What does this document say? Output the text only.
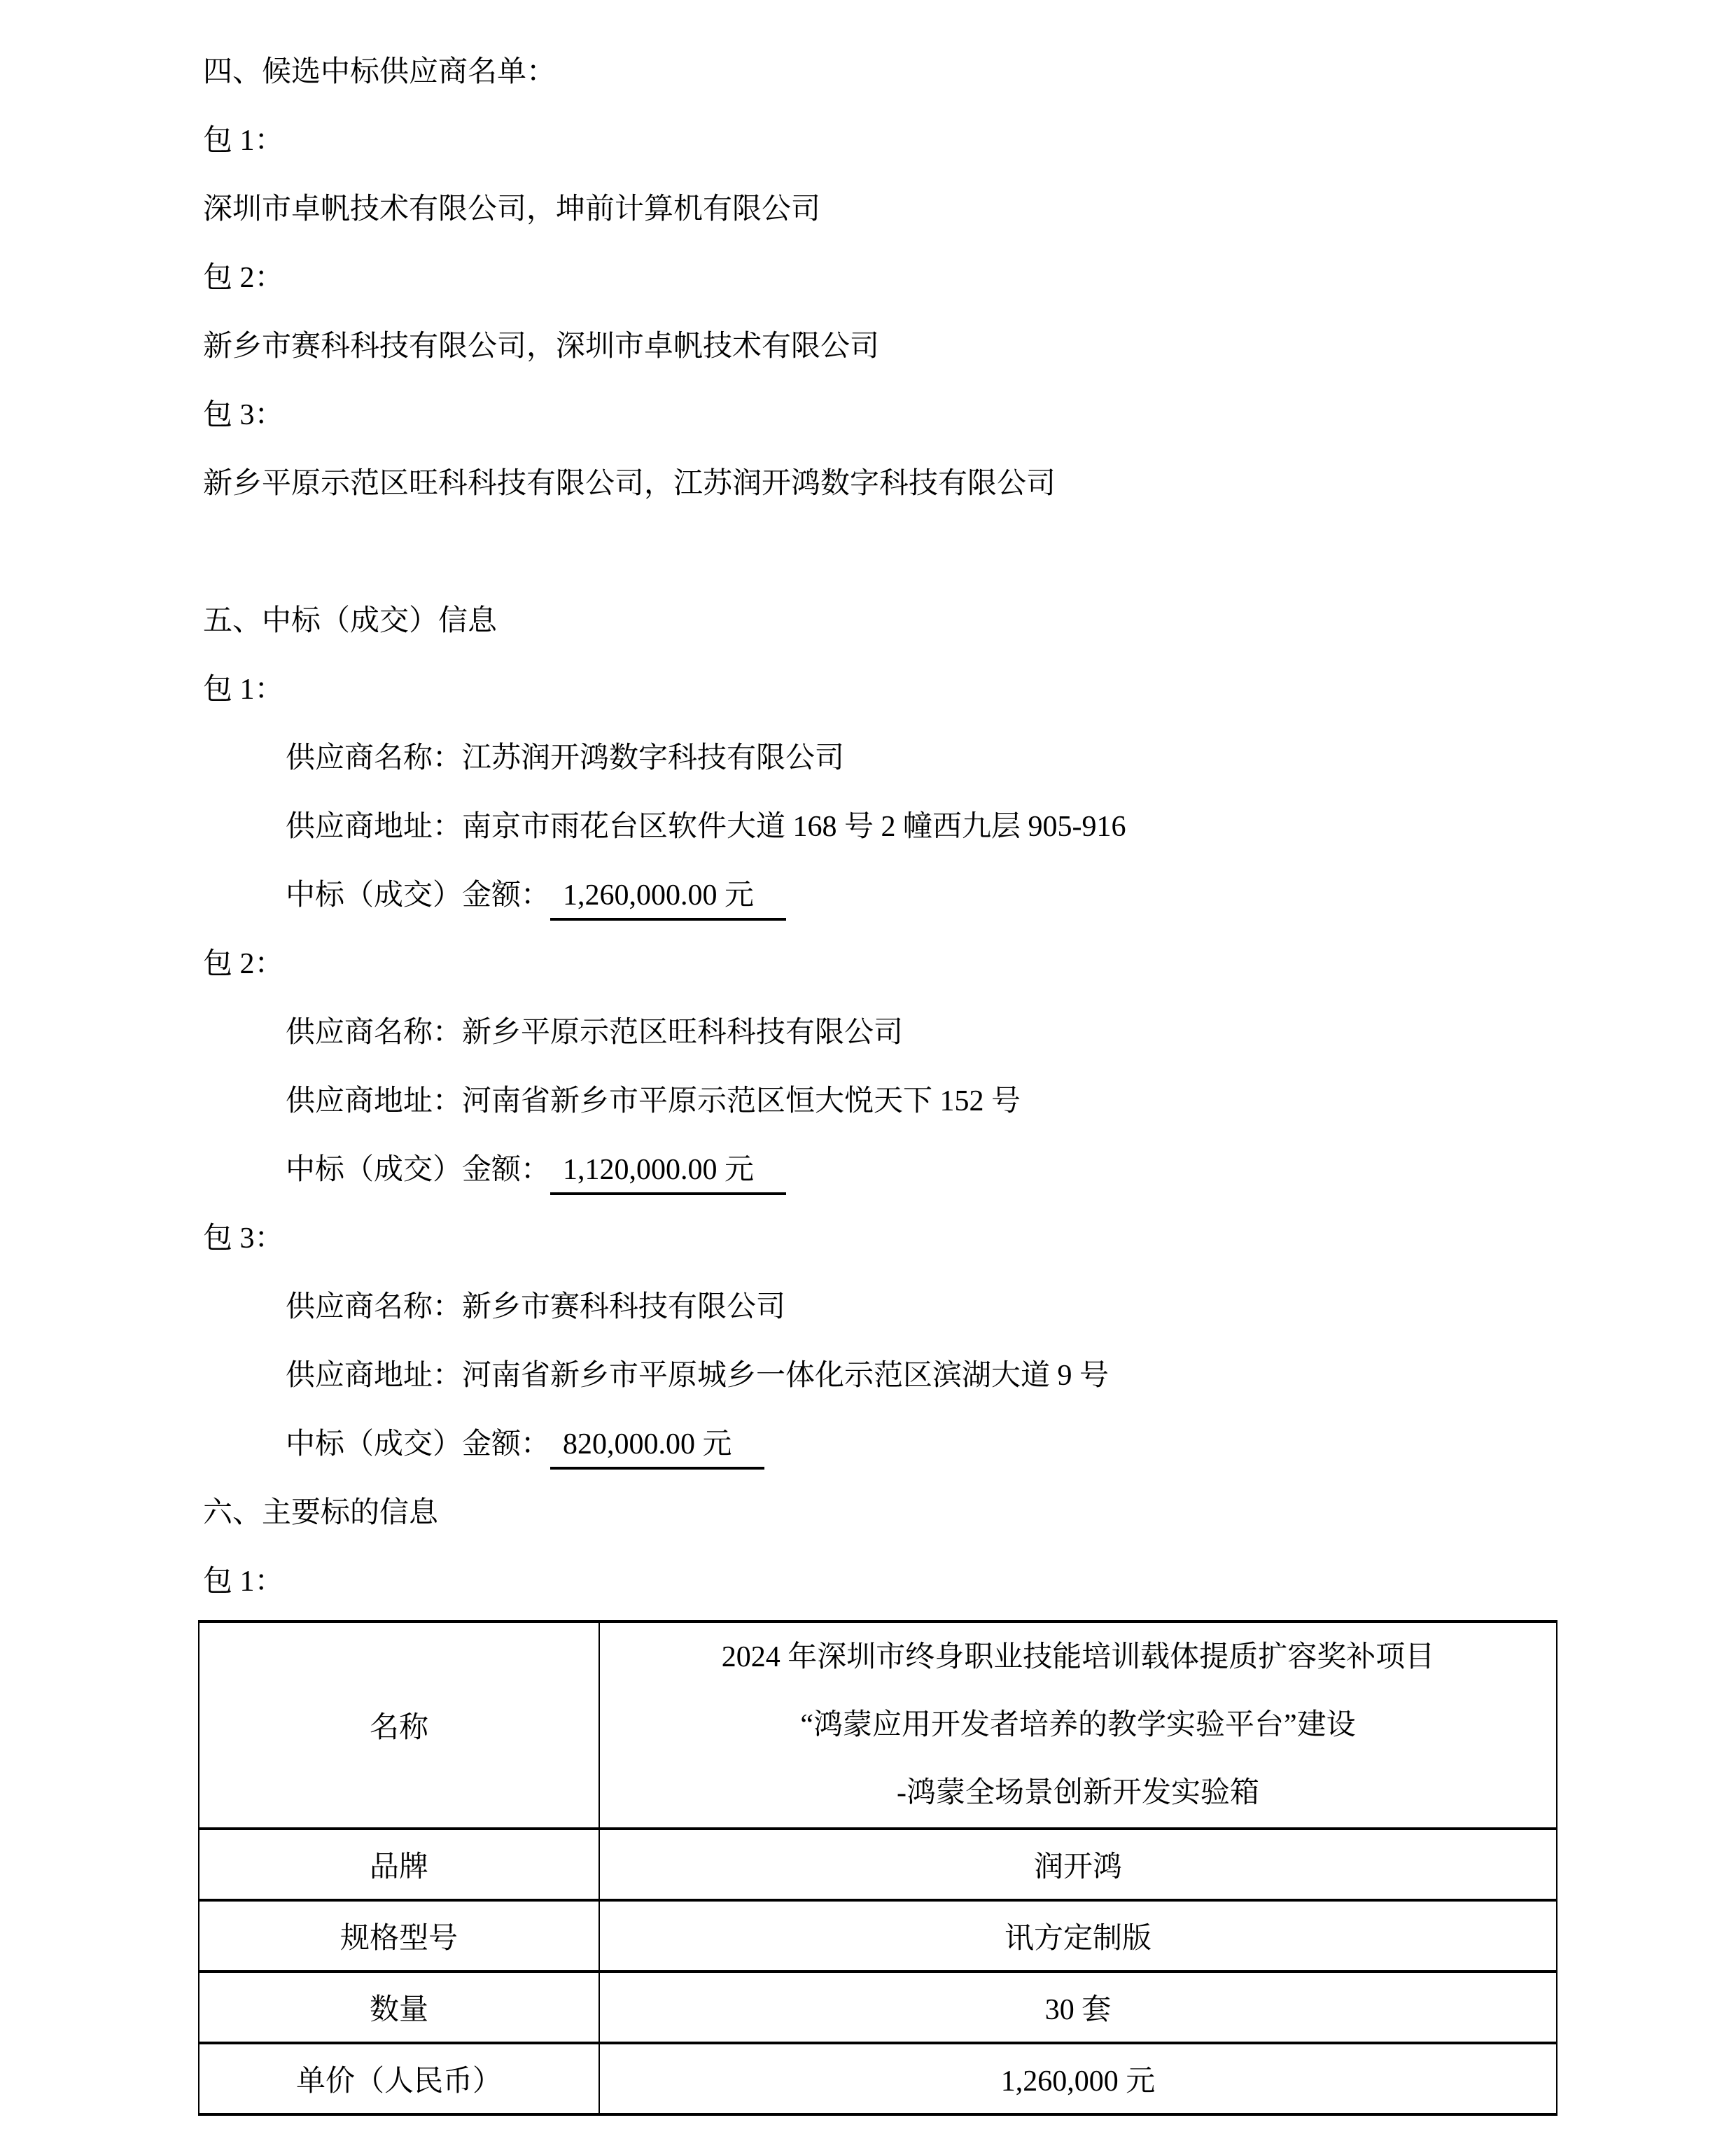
四、候选中标供应商名单：
包 1：
深圳市卓帆技术有限公司，坤前计算机有限公司
包 2：
新乡市赛科科技有限公司，深圳市卓帆技术有限公司
包 3：
新乡平原示范区旺科科技有限公司，江苏润开鸿数字科技有限公司
五、中标（成交）信息
包 1：
供应商名称：江苏润开鸿数字科技有限公司
供应商地址：南京市雨花台区软件大道 168 号 2 幢西九层 905-916
中标（成交）金额： 1,260,000.00 元
包 2：
供应商名称：新乡平原示范区旺科科技有限公司
供应商地址：河南省新乡市平原示范区恒大悦天下 152 号
中标（成交）金额： 1,120,000.00 元
包 3：
供应商名称：新乡市赛科科技有限公司
供应商地址：河南省新乡市平原城乡一体化示范区滨湖大道 9 号
中标（成交）金额： 820,000.00 元
六、主要标的信息
包 1：
名称	2024 年深圳市终身职业技能培训载体提质扩容奖补项目
“鸿蒙应用开发者培养的教学实验平台”建设
-鸿蒙全场景创新开发实验箱

品牌	润开鸿
规格型号	讯方定制版
数量	30 套
单价（人民币）	1,260,000 元
